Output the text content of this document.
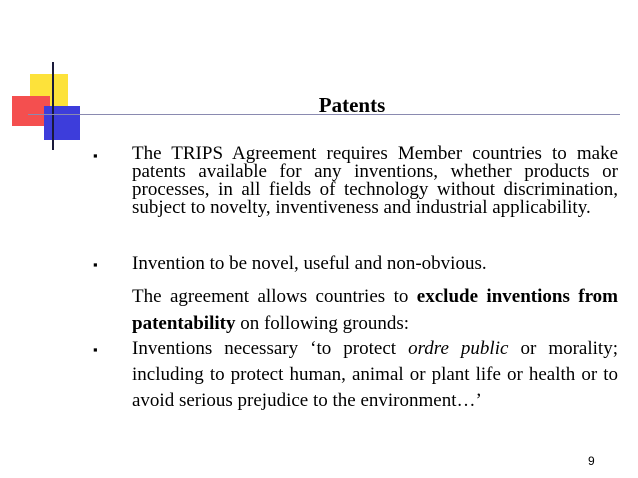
Patents
▪ The TRIPS Agreement requires Member countries to make patents available for any inventions, whether products or processes, in all fields of technology without discrimination, subject to novelty, inventiveness and industrial applicability.
▪ Invention to be novel, useful and non-obvious.
The agreement allows countries to exclude inventions from patentability on following grounds:
▪ Inventions necessary ‘to protect ordre public or morality; including to protect human, animal or plant life or health or to avoid serious prejudice to the environment…’
9
